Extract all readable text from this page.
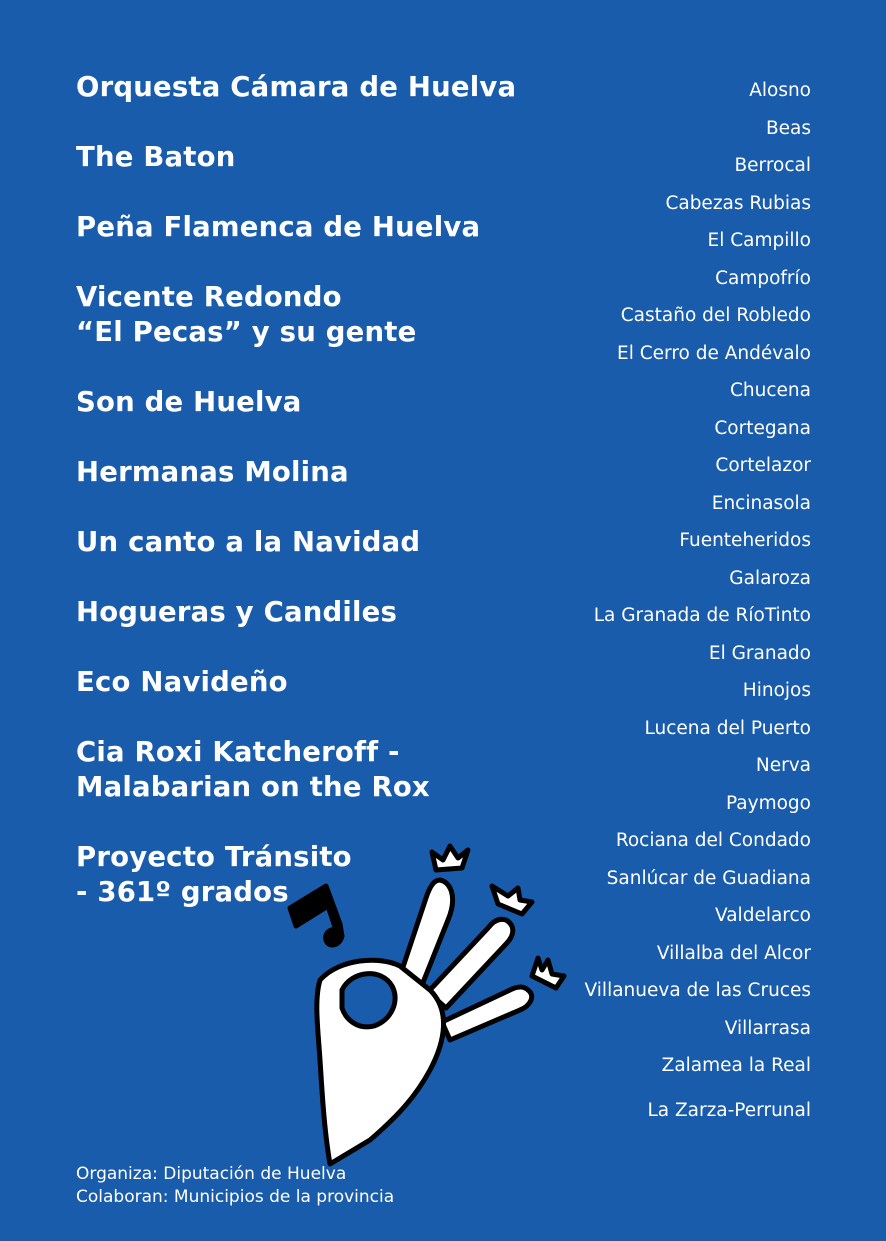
Orquesta Cámara de Huelva
The Baton
Peña Flamenca de Huelva
Vicente Redondo
“El Pecas” y su gente
Son de Huelva
Hermanas Molina
Un canto a la Navidad
Hogueras y Candiles
Eco Navideño
Cia Roxi Katcheroff -
Malabarian on the Rox
Proyecto Tránsito
- 361º grados
Alosno
Beas
Berrocal
Cabezas Rubias
El Campillo
Campofrío
Castaño del Robledo
El Cerro de Andévalo
Chucena
Cortegana
Cortelazor
Encinasola
Fuenteheridos
Galaroza
La Granada de RíoTinto
El Granado
Hinojos
Lucena del Puerto
Nerva
Paymogo
Rociana del Condado
Sanlúcar de Guadiana
Valdelarco
Villalba del Alcor
Villanueva de las Cruces
Villarrasa
Zalamea la Real
La Zarza-Perrunal
Organiza: Diputación de Huelva
Colaboran: Municipios de la provincia
